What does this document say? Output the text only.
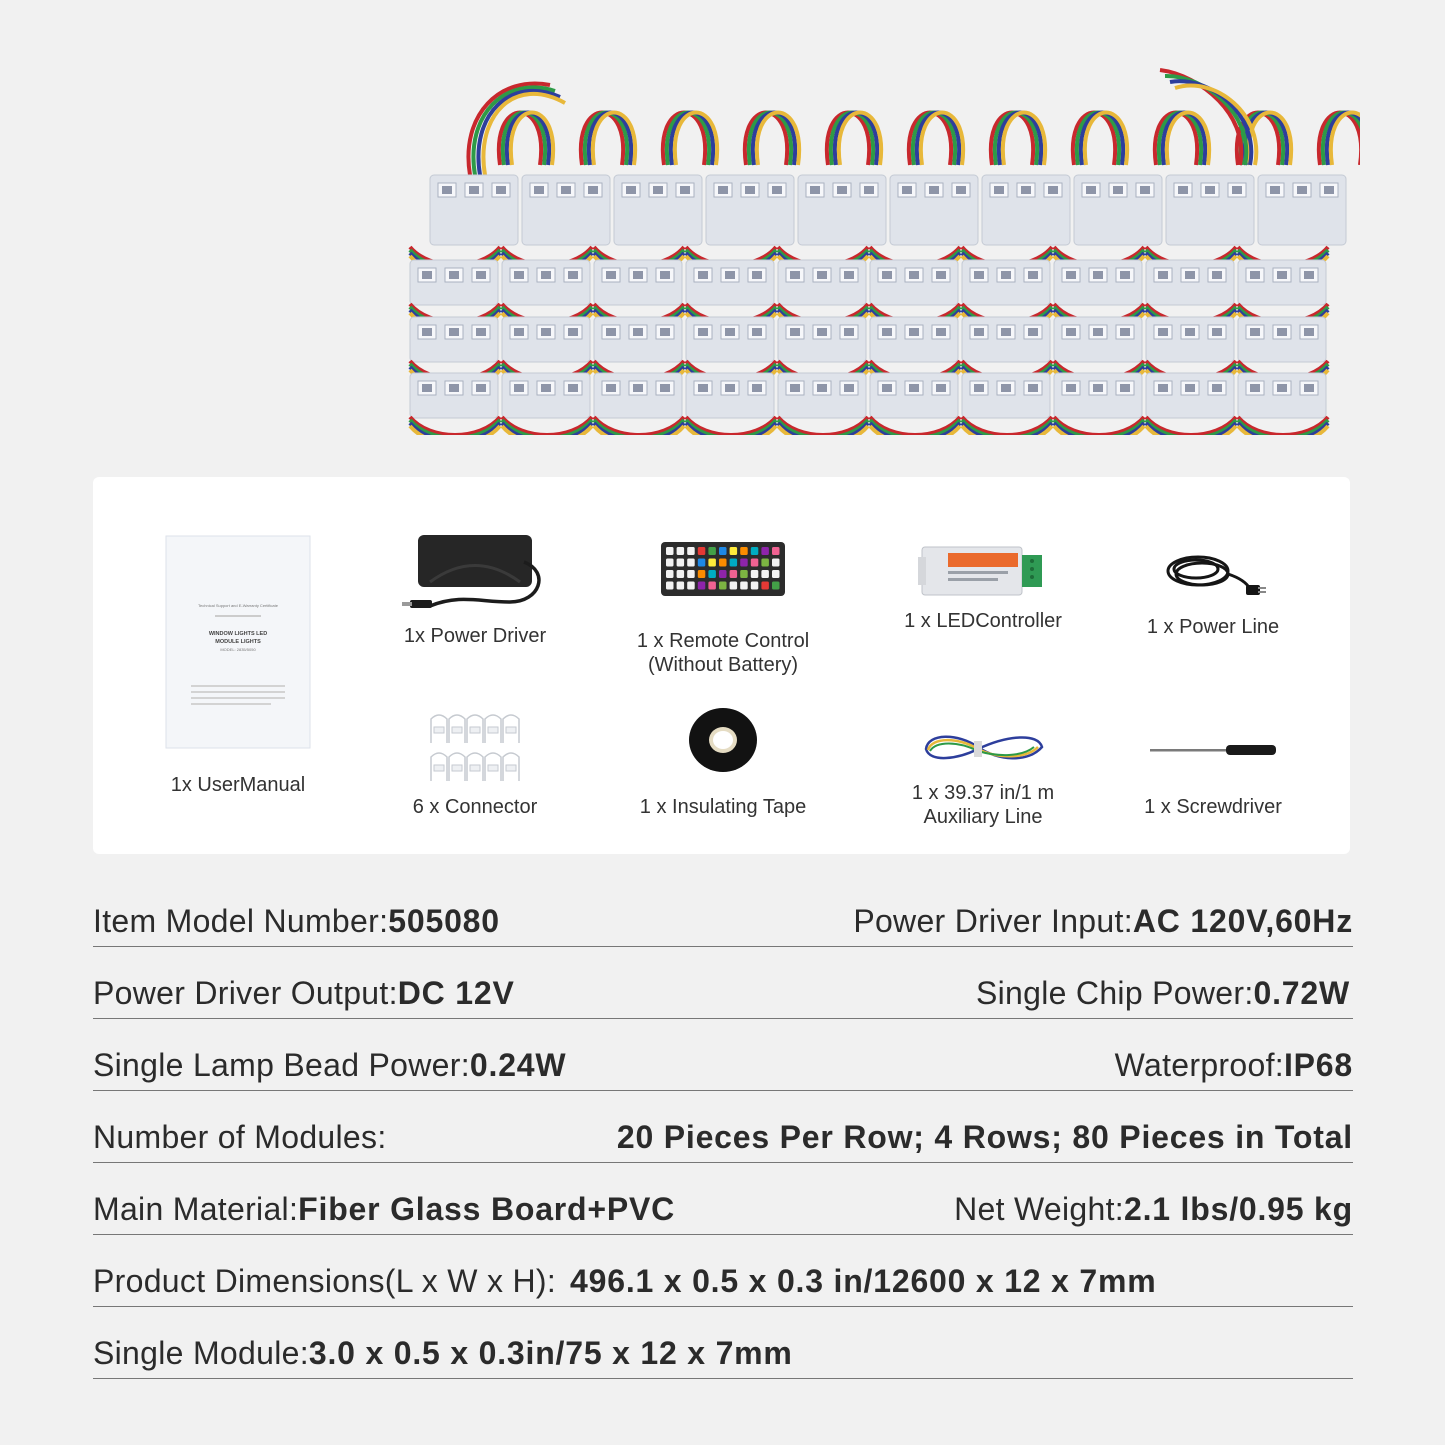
Technical Support and E-Warranty Certificate
WINDOW LIGHTS LED
MODULE LIGHTS
MODEL: 2835/5050
1x UserManual
1x Power Driver	1 x Remote Control
(Without Battery)
1 x LEDController	1 x Power Line
6 x Connector	1 x Insulating Tape
1 x 39.37 in/1 m
Auxiliary Line	1 x Screwdriver
Item Model Number:505080	Power Driver Input:AC 120V,60Hz
Power Driver Output:DC 12V	Single Chip Power:0.72W
Single Lamp Bead Power:0.24W	Waterproof:IP68
Number of Modules:	20 Pieces Per Row; 4 Rows; 80 Pieces in Total
Main Material:Fiber Glass Board+PVC	Net Weight:2.1 lbs/0.95 kg
Product Dimensions(L x W x H): 496.1 x 0.5 x 0.3 in/12600 x 12 x 7mm
Single Module:3.0 x 0.5 x 0.3in/75 x 12 x 7mm
